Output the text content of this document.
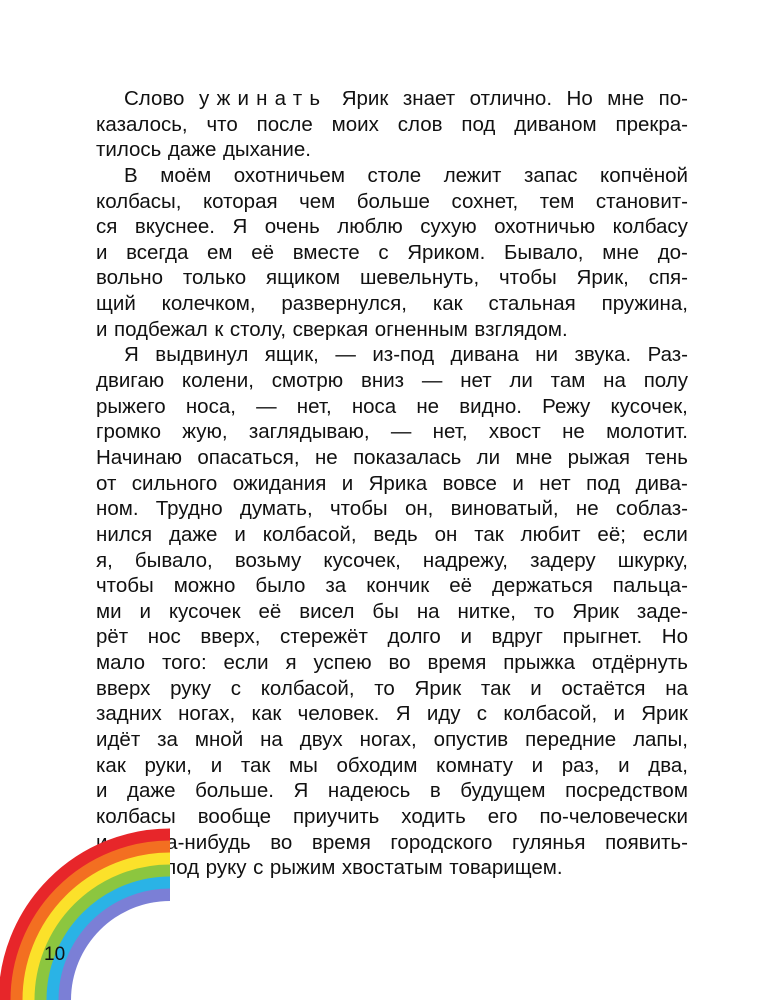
Слово ужинать Ярик знает отлично. Но мне по-
казалось, что после моих слов под диваном прекра-
тилось даже дыхание.
В моём охотничьем столе лежит запас копчёной
колбасы, которая чем больше сохнет, тем становит-
ся вкуснее. Я очень люблю сухую охотничью колбасу
и всегда ем её вместе с Яриком. Бывало, мне до-
вольно только ящиком шевельнуть, чтобы Ярик, спя-
щий колечком, развернулся, как стальная пружина,
и подбежал к столу, сверкая огненным взглядом.
Я выдвинул ящик, — из-под дивана ни звука. Раз-
двигаю колени, смотрю вниз — нет ли там на полу
рыжего носа, — нет, носа не видно. Режу кусочек,
громко жую, заглядываю, — нет, хвост не молотит.
Начинаю опасаться, не показалась ли мне рыжая тень
от сильного ожидания и Ярика вовсе и нет под дива-
ном. Трудно думать, чтобы он, виноватый, не соблаз-
нился даже и колбасой, ведь он так любит её; если
я, бывало, возьму кусочек, надрежу, задеру шкурку,
чтобы можно было за кончик её держаться пальца-
ми и кусочек её висел бы на нитке, то Ярик заде-
рёт нос вверх, стережёт долго и вдруг прыгнет. Но
мало того: если я успею во время прыжка отдёрнуть
вверх руку с колбасой, то Ярик так и остаётся на
задних ногах, как человек. Я иду с колбасой, и Ярик
идёт за мной на двух ногах, опустив передние лапы,
как руки, и так мы обходим комнату и раз, и два,
и даже больше. Я надеюсь в будущем посредством
колбасы вообще приучить ходить его по-человечески
и когда-нибудь во время городского гулянья появить-
ся там под руку с рыжим хвостатым товарищем.
10
